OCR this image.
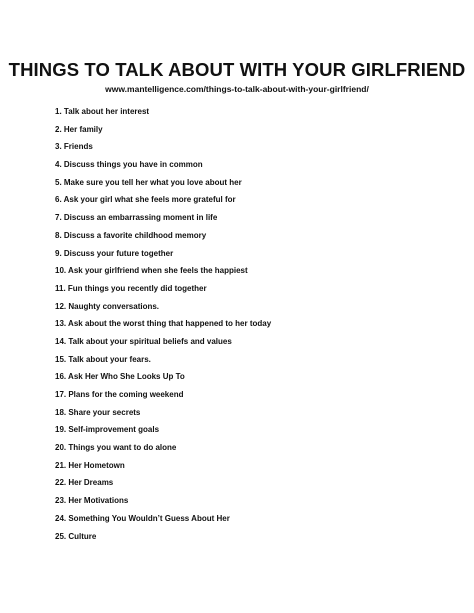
THINGS TO TALK ABOUT WITH YOUR GIRLFRIEND
www.mantelligence.com/things-to-talk-about-with-your-girlfriend/
1. Talk about her interest
2. Her family
3. Friends
4. Discuss things you have in common
5. Make sure you tell her what you love about her
6. Ask your girl what she feels more grateful for
7. Discuss an embarrassing moment in life
8. Discuss a favorite childhood memory
9. Discuss your future together
10. Ask your girlfriend when she feels the happiest
11. Fun things you recently did together
12. Naughty conversations.
13. Ask about the worst thing that happened to her today
14. Talk about your spiritual beliefs and values
15. Talk about your fears.
16. Ask Her Who She Looks Up To
17. Plans for the coming weekend
18. Share your secrets
19. Self-improvement goals
20. Things you want to do alone
21. Her Hometown
22. Her Dreams
23. Her Motivations
24. Something You Wouldn’t Guess About Her
25. Culture
